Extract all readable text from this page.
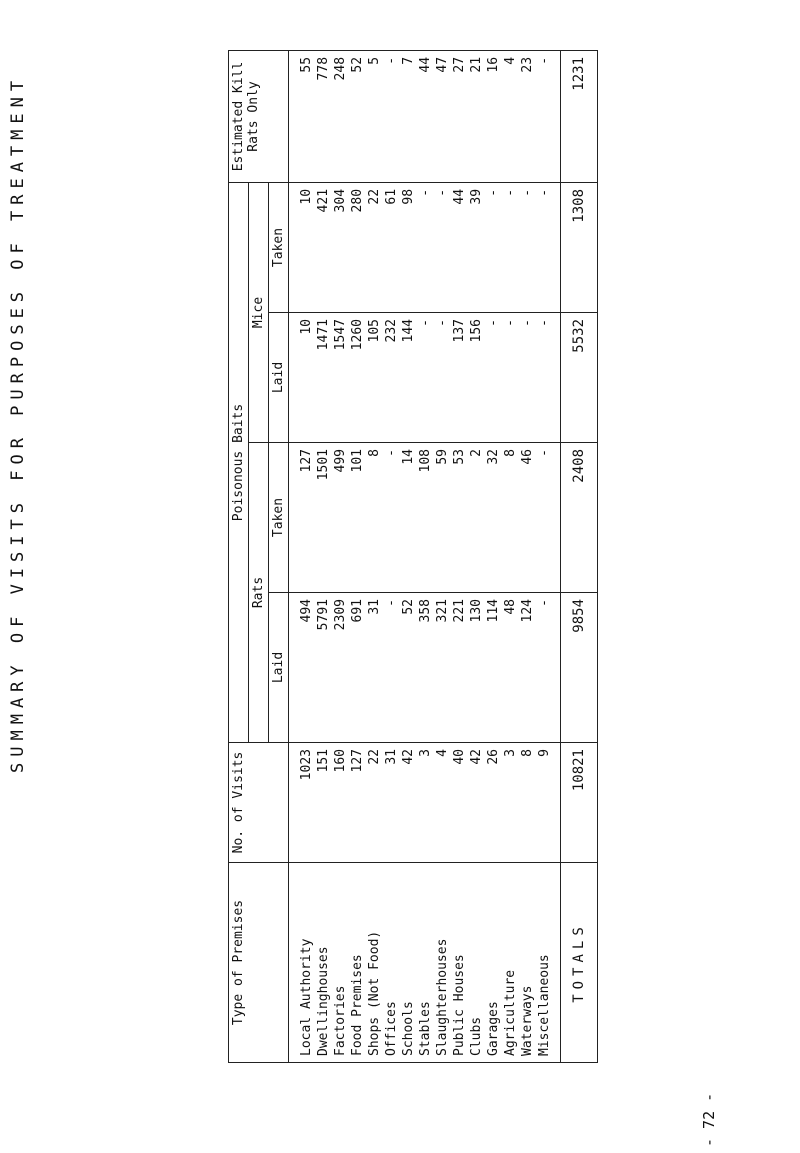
SUMMARY OF VISITS FOR PURPOSES OF TREATMENT
Type of Premises	No. of Visits	Poisonous Baits				Estimated Kill Rats Only
		Rats		Mice		
		Laid	Taken	Laid	Taken	
Local Authority	1023	494	127	10	10	55
Dwellinghouses	151	5791	1501	1471	421	778
Factories	160	2309	499	1547	304	248
Food Premises	127	691	101	1260	280	52
Shops (Not Food)	22	31	8	105	22	5
Offices	31	-	-	232	61	-
Schools	42	52	14	144	98	7
Stables	3	358	108	-	-	44
Slaughterhouses	4	321	59	-	-	47
Public Houses	40	221	53	137	44	27
Clubs	42	130	2	156	39	21
Garages	26	114	32	-	-	16
Agriculture	3	48	8	-	-	4
Waterways	8	124	46	-	-	23
Miscellaneous	9	-	-	-	-	-
TOTALS	10821	9854	2408	5532	1308	1231
- 72 -
